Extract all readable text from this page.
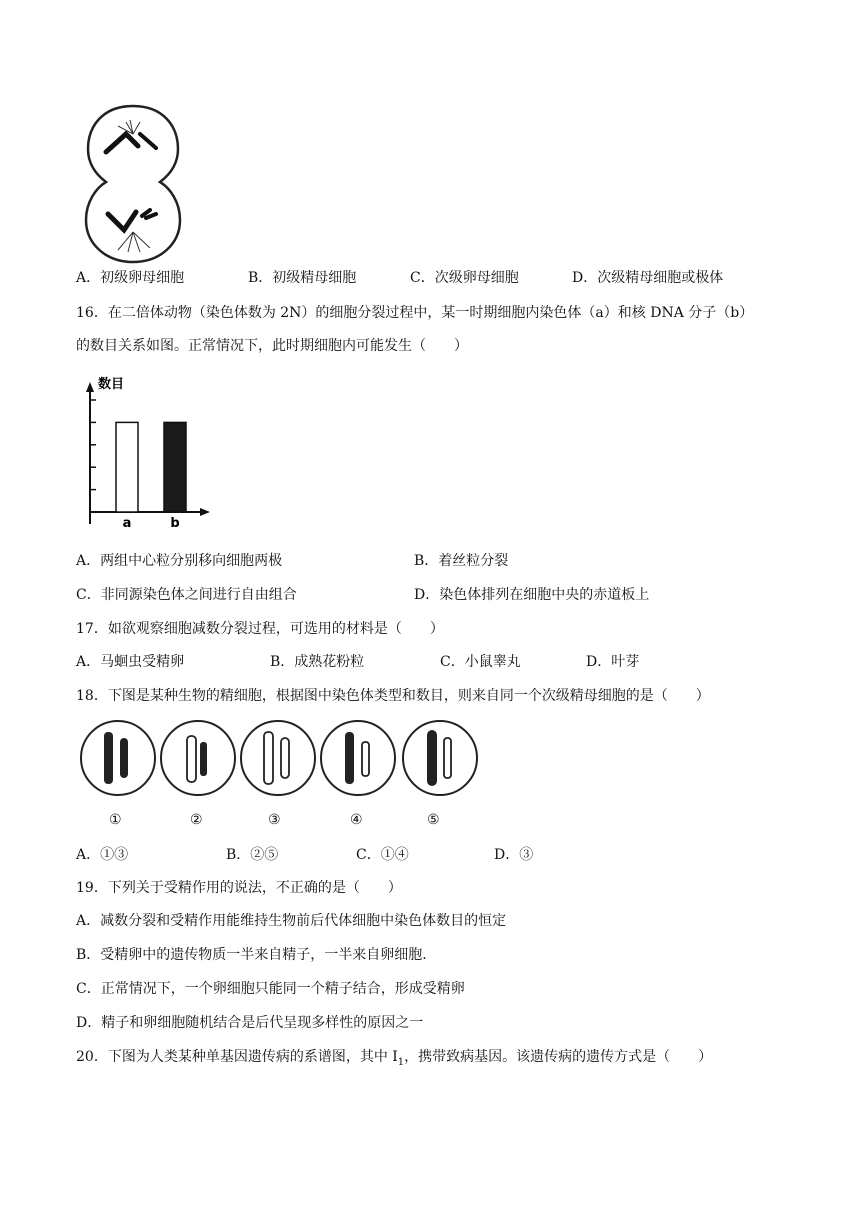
A．初级卵母细胞	B．初级精母细胞	C．次级卵母细胞	D．次级精母细胞或极体
16．在二倍体动物（染色体数为 2N）的细胞分裂过程中，某一时期细胞内染色体（a）和核 DNA 分子（b）
的数目关系如图。正常情况下，此时期细胞内可能发生（　　）
数目
a	b
A．两组中心粒分别移向细胞两极	B．着丝粒分裂
C．非同源染色体之间进行自由组合	D．染色体排列在细胞中央的赤道板上
17．如欲观察细胞减数分裂过程，可选用的材料是（　　）
A．马蛔虫受精卵	B．成熟花粉粒	C．小鼠睾丸	D．叶芽
18．下图是某种生物的精细胞，根据图中染色体类型和数目，则来自同一个次级精母细胞的是（　　）
①	②	③	④	⑤
A．①③	B．②⑤	C．①④	D．③
19．下列关于受精作用的说法，不正确的是（　　）
A．减数分裂和受精作用能维持生物前后代体细胞中染色体数目的恒定
B．受精卵中的遗传物质一半来自精子，一半来自卵细胞.
C．正常情况下，一个卵细胞只能同一个精子结合，形成受精卵
D．精子和卵细胞随机结合是后代呈现多样性的原因之一
20．下图为人类某种单基因遗传病的系谱图，其中 $I_1$，携带致病基因。该遗传病的遗传方式是（　　）
